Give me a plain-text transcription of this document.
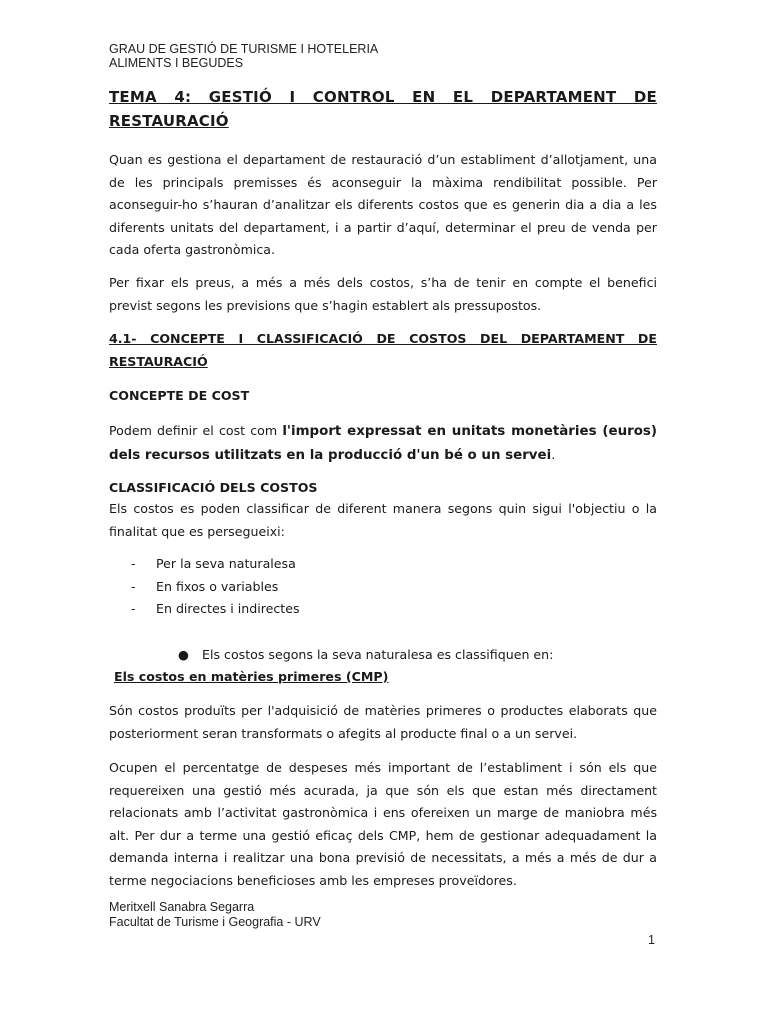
GRAU DE GESTIÓ DE TURISME I HOTELERIA
ALIMENTS I BEGUDES
TEMA 4: GESTIÓ I CONTROL EN EL DEPARTAMENT DE RESTAURACIÓ

Quan es gestiona el departament de restauració d’un establiment d’allotjament, una de les principals premisses és aconseguir la màxima rendibilitat possible. Per aconseguir-ho s’hauran d’analitzar els diferents costos que es generin dia a dia a les diferents unitats del departament, i a partir d’aquí, determinar el preu de venda per cada oferta gastronòmica.

Per fixar els preus, a més a més dels costos, s’ha de tenir en compte el benefici previst segons les previsions que s’hagin establert als pressupostos.

4.1- CONCEPTE I CLASSIFICACIÓ DE COSTOS DEL DEPARTAMENT DE RESTAURACIÓ

CONCEPTE DE COST

Podem definir el cost com l'import expressat en unitats monetàries (euros) dels recursos utilitzats en la producció d'un bé o un servei.

CLASSIFICACIÓ DELS COSTOS

Els costos es poden classificar de diferent manera segons quin sigui l'objectiu o la finalitat que es persegueixi:

- Per la seva naturalesa
- En fixos o variables
- En directes i indirectes
● Els costos segons la seva naturalesa es classifiquen en:

Els costos en matèries primeres (CMP)

Són costos produïts per l'adquisició de matèries primeres o productes elaborats que posteriorment seran transformats o afegits al producte final o a un servei.

Ocupen el percentatge de despeses més important de l’establiment i són els que requereixen una gestió més acurada, ja que són els que estan més directament relacionats amb l’activitat gastronòmica i ens ofereixen un marge de maniobra més alt. Per dur a terme una gestió eficaç dels CMP, hem de gestionar adequadament la demanda interna i realitzar una bona previsió de necessitats, a més a més de dur a terme negociacions beneficioses amb les empreses proveïdores.

Meritxell Sanabra Segarra
Facultat de Turisme i Geografia - URV
1
